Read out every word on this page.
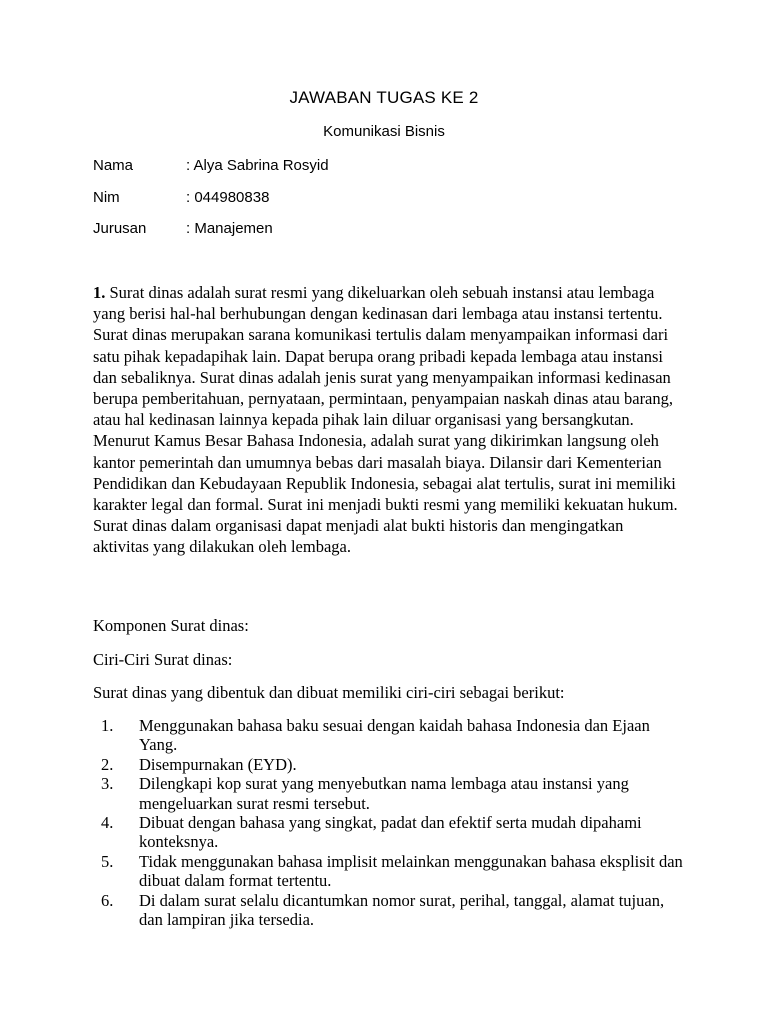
JAWABAN TUGAS KE 2
Komunikasi Bisnis
Nama	: Alya Sabrina Rosyid
Nim	: 044980838
Jurusan	: Manajemen

1. Surat dinas adalah surat resmi yang dikeluarkan oleh sebuah instansi atau lembaga yang berisi hal-hal berhubungan dengan kedinasan dari lembaga atau instansi tertentu. Surat dinas merupakan sarana komunikasi tertulis dalam menyampaikan informasi dari satu pihak kepadapihak lain. Dapat berupa orang pribadi kepada lembaga atau instansi dan sebaliknya. Surat dinas adalah jenis surat yang menyampaikan informasi kedinasan berupa pemberitahuan, pernyataan, permintaan, penyampaian naskah dinas atau barang, atau hal kedinasan lainnya kepada pihak lain diluar organisasi yang bersangkutan. Menurut Kamus Besar Bahasa Indonesia, adalah surat yang dikirimkan langsung oleh kantor pemerintah dan umumnya bebas dari masalah biaya. Dilansir dari Kementerian Pendidikan dan Kebudayaan Republik Indonesia, sebagai alat tertulis, surat ini memiliki karakter legal dan formal. Surat ini menjadi bukti resmi yang memiliki kekuatan hukum. Surat dinas dalam organisasi dapat menjadi alat bukti historis dan mengingatkan aktivitas yang dilakukan oleh lembaga.

Komponen Surat dinas:

Ciri-Ciri Surat dinas:

Surat dinas yang dibentuk dan dibuat memiliki ciri-ciri sebagai berikut:

1. Menggunakan bahasa baku sesuai dengan kaidah bahasa Indonesia dan Ejaan Yang.
2. Disempurnakan (EYD).
3. Dilengkapi kop surat yang menyebutkan nama lembaga atau instansi yang mengeluarkan surat resmi tersebut.
4. Dibuat dengan bahasa yang singkat, padat dan efektif serta mudah dipahami konteksnya.
5. Tidak menggunakan bahasa implisit melainkan menggunakan bahasa eksplisit dan dibuat dalam format tertentu.
6. Di dalam surat selalu dicantumkan nomor surat, perihal, tanggal, alamat tujuan, dan lampiran jika tersedia.
